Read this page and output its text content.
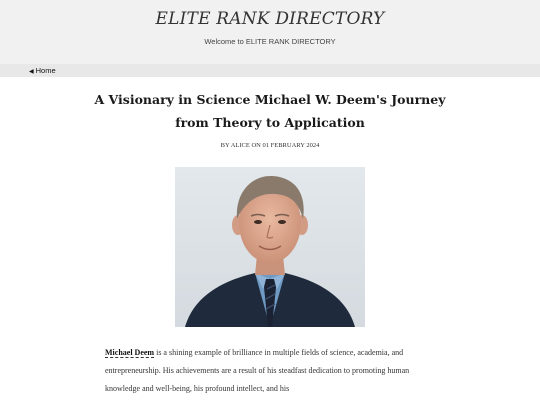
ELITE RANK DIRECTORY
Welcome to ELITE RANK DIRECTORY
◀ Home
A Visionary in Science Michael W. Deem's Journey from Theory to Application
BY ALICE ON 01 FEBRUARY 2024

Michael Deem is a shining example of brilliance in multiple fields of science, academia, and entrepreneurship. His achievements are a result of his steadfast dedication to promoting human knowledge and well-being, his profound intellect, and his
